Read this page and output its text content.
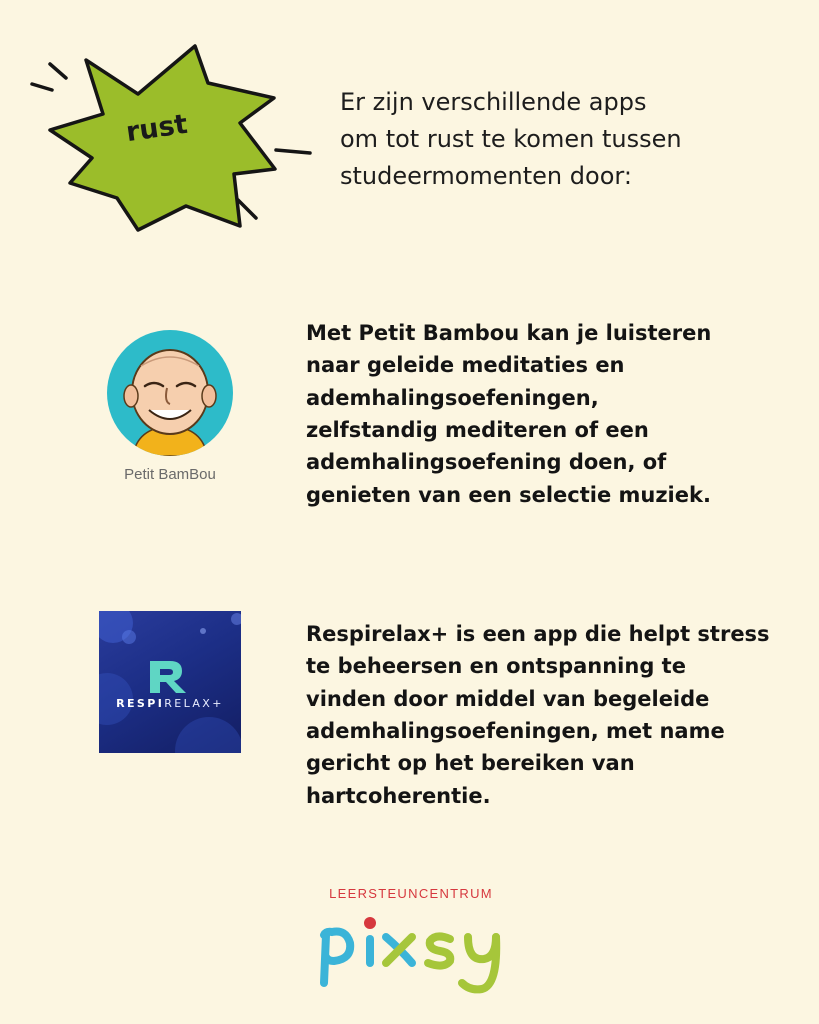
rust
Er zijn verschillende apps
om tot rust te komen tussen
studeermomenten door:
Petit BamBou
Met Petit Bambou kan je luisteren
naar geleide meditaties en
ademhalingsoefeningen,
zelfstandig mediteren of een
ademhalingsoefening doen, of
genieten van een selectie muziek.
RESPIRELAX+
Respirelax+ is een app die helpt stress
te beheersen en ontspanning te
vinden door middel van begeleide
ademhalingsoefeningen, met name
gericht op het bereiken van
hartcoherentie.
LEERSTEUNCENTRUM
